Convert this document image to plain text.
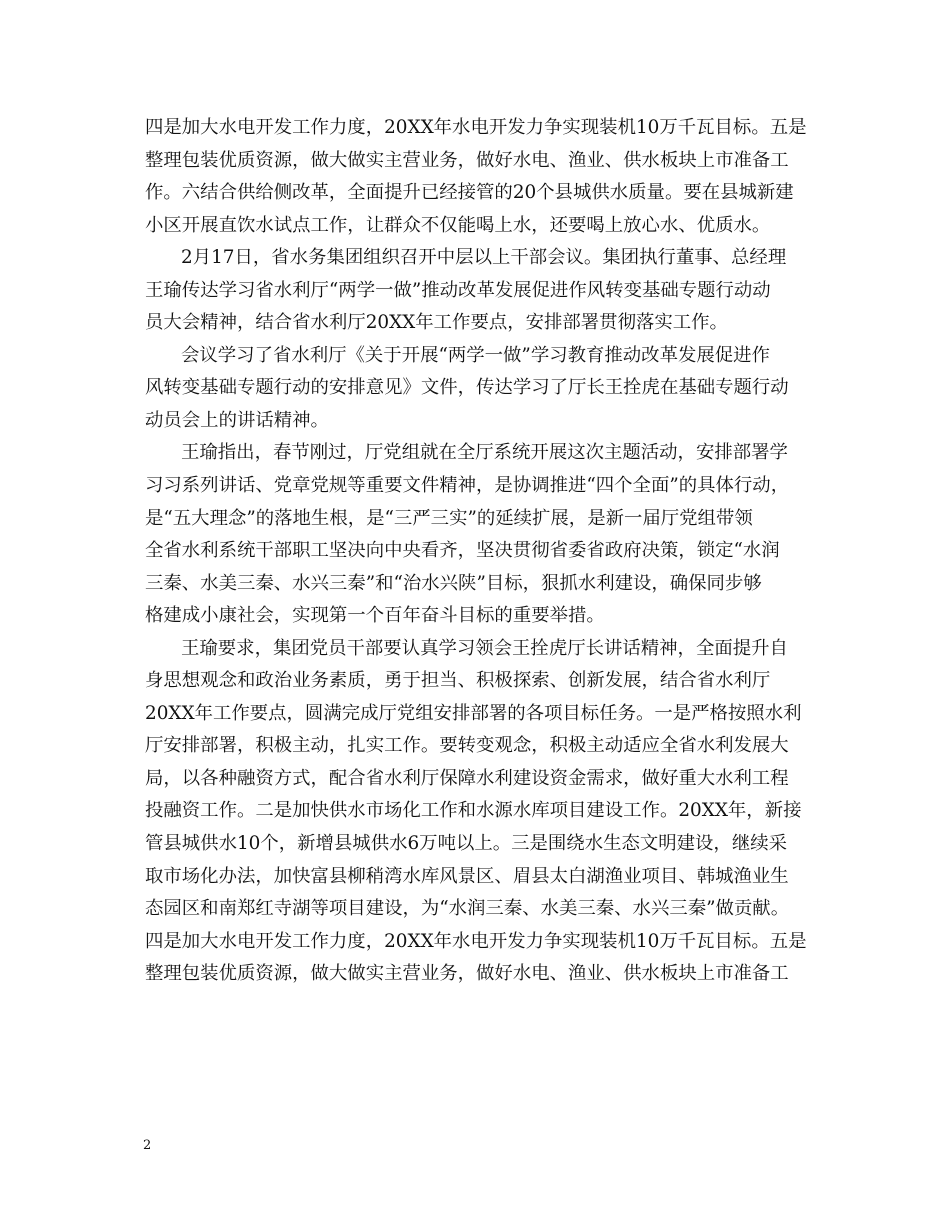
四是加大水电开发工作力度，20XX年水电开发力争实现装机10万千瓦目标。五是
整理包装优质资源，做大做实主营业务，做好水电、渔业、供水板块上市准备工
作。六结合供给侧改革，全面提升已经接管的20个县城供水质量。要在县城新建
小区开展直饮水试点工作，让群众不仅能喝上水，还要喝上放心水、优质水。
2月17日，省水务集团组织召开中层以上干部会议。集团执行董事、总经理
王瑜传达学习省水利厅“两学一做”推动改革发展促进作风转变基础专题行动动
员大会精神，结合省水利厅20XX年工作要点，安排部署贯彻落实工作。
会议学习了省水利厅《关于开展“两学一做”学习教育推动改革发展促进作
风转变基础专题行动的安排意见》文件，传达学习了厅长王拴虎在基础专题行动
动员会上的讲话精神。
王瑜指出，春节刚过，厅党组就在全厅系统开展这次主题活动，安排部署学
习习系列讲话、党章党规等重要文件精神，是协调推进“四个全面”的具体行动，
是“五大理念”的落地生根，是“三严三实”的延续扩展，是新一届厅党组带领
全省水利系统干部职工坚决向中央看齐，坚决贯彻省委省政府决策，锁定“水润
三秦、水美三秦、水兴三秦”和“治水兴陕”目标，狠抓水利建设，确保同步够
格建成小康社会，实现第一个百年奋斗目标的重要举措。
王瑜要求，集团党员干部要认真学习领会王拴虎厅长讲话精神，全面提升自
身思想观念和政治业务素质，勇于担当、积极探索、创新发展，结合省水利厅
20XX年工作要点，圆满完成厅党组安排部署的各项目标任务。一是严格按照水利
厅安排部署，积极主动，扎实工作。要转变观念，积极主动适应全省水利发展大
局，以各种融资方式，配合省水利厅保障水利建设资金需求，做好重大水利工程
投融资工作。二是加快供水市场化工作和水源水库项目建设工作。20XX年，新接
管县城供水10个，新增县城供水6万吨以上。三是围绕水生态文明建设，继续采
取市场化办法，加快富县柳稍湾水库风景区、眉县太白湖渔业项目、韩城渔业生
态园区和南郑红寺湖等项目建设，为“水润三秦、水美三秦、水兴三秦”做贡献。
四是加大水电开发工作力度，20XX年水电开发力争实现装机10万千瓦目标。五是
整理包装优质资源，做大做实主营业务，做好水电、渔业、供水板块上市准备工
2
